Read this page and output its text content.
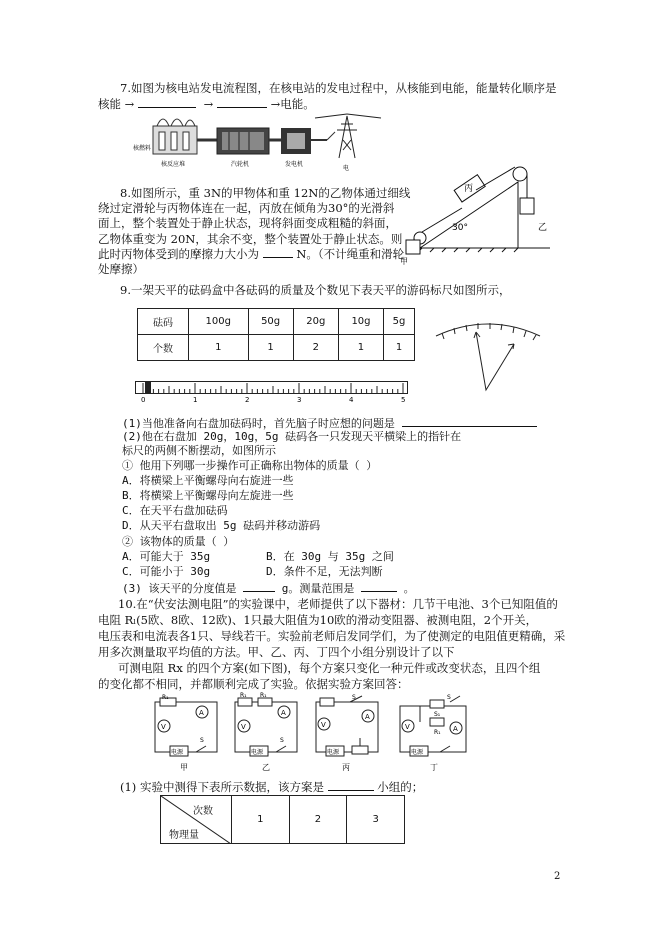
7.如图为核电站发电流程图，在核电站的发电过程中，从核能到电能，能量转化顺序是
核能 →	→	→电能。
核燃料
核反应堆	汽轮机	发电机
电
8.如图所示，重 3N的甲物体和重 12N的乙物体通过细线
绕过定滑轮与丙物体连在一起，丙放在倾角为30°的光滑斜
面上，整个装置处于静止状态，现将斜面变成粗糙的斜面，
乙物体重变为 20N，其余不变，整个装置处于静止状态。则
此时丙物体受到的摩擦力大小为	N。（不计绳重和滑轮
处摩擦）
丙
乙
甲
30°
9.一架天平的砝码盒中各砝码的质量及个数见下表天平的游码标尺如图所示，
砝码	100g	50g	20g	10g	5g
个数	1	1	2	1	1
0	1	2	3	4	5
(1)当他准备向右盘加砝码时，首先脑子时应想的问题是
(2)他在右盘加 20g，10g，5g 砝码各一只发现天平横梁上的指针在
标尺的两侧不断摆动，如图所示
① 他用下列哪一步操作可正确称出物体的质量（ ）
A．将横梁上平衡螺母向右旋进一些
B．将横梁上平衡螺母向左旋进一些
C．在天平右盘加砝码
D．从天平右盘取出 5g 砝码并移动游码
② 该物体的质量（ ）
A．可能大于 35g	B．在 30g 与 35g 之间
C．可能小于 30g	D．条件不足，无法判断
(3) 该天平的分度值是	g。测量范围是	。
10.在“伏安法测电阻”的实验课中，老师提供了以下器材：几节干电池、3个已知阻值的
电阻 Rₗ(5欧、8欧、12欧)、1只最大阻值为10欧的滑动变阻器、被测电阻，2个开关，
电压表和电流表各1只、导线若干。实验前老师启发同学们，为了使测定的电阻值更精确，采
用多次测量取平均值的方法。甲、乙、丙、丁四个小组分别设计了以下
可测电阻 Rx 的四个方案(如下图)，每个方案只变化一种元件或改变状态，且四个组
的变化都不相同，并都顺利完成了实验。依据实验方案回答：
R₁
A
V
电源
S
甲
R₁ R₁
A
V
电源
S
乙
S
A
V
电源
丙
S
S₁
R₁ A
V
电源
丁
(1) 实验中测得下表所示数据，该方案是	小组的；
次数
物理量
	1	2	3
2
